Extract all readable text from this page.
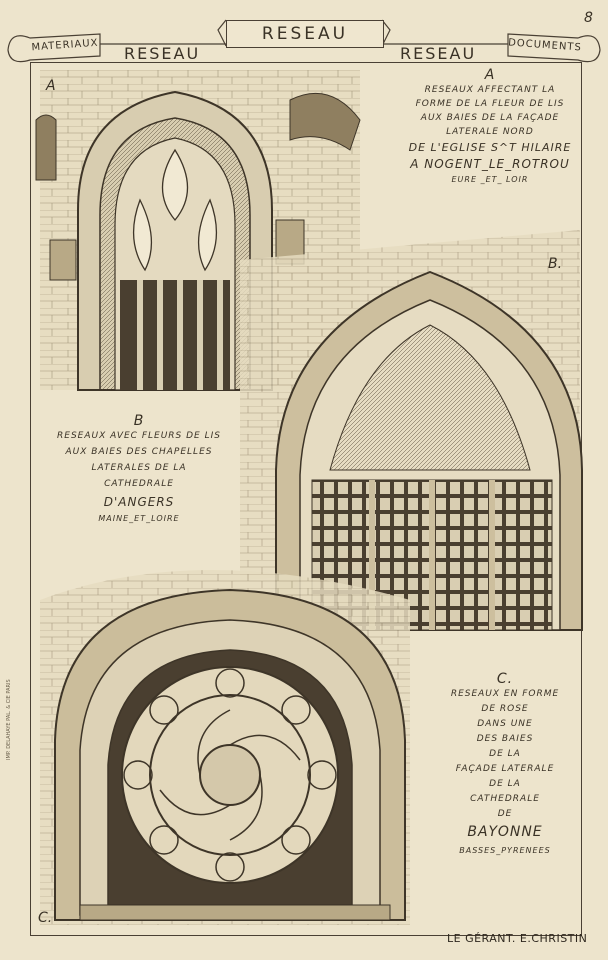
MATERIAUX	DOCUMENTS
RESEAU
RESEAU	RESEAU
8
A
A
RESEAUX AFFECTANT LA
FORME DE LA FLEUR DE LIS
AUX BAIES DE LA FAÇADE
LATERALE NORD
DE L'EGLISE S^T HILAIRE
A NOGENT_LE_ROTROU
EURE _ET_ LOIR
B.
B
RESEAUX AVEC FLEURS DE LIS
AUX BAIES DES CHAPELLES
LATERALES DE LA
CATHEDRALE
D'ANGERS
MAINE_ET_LOIRE
C.
RESEAUX EN FORME
DE ROSE
DANS UNE
DES BAIES
DE LA
FAÇADE LATERALE
DE LA
CATHEDRALE
DE
BAYONNE
BASSES_PYRENEES
C.
IMP. DELAHAYE PAL. & CIE PARIS
LE GÉRANT. E.CHRISTIN
